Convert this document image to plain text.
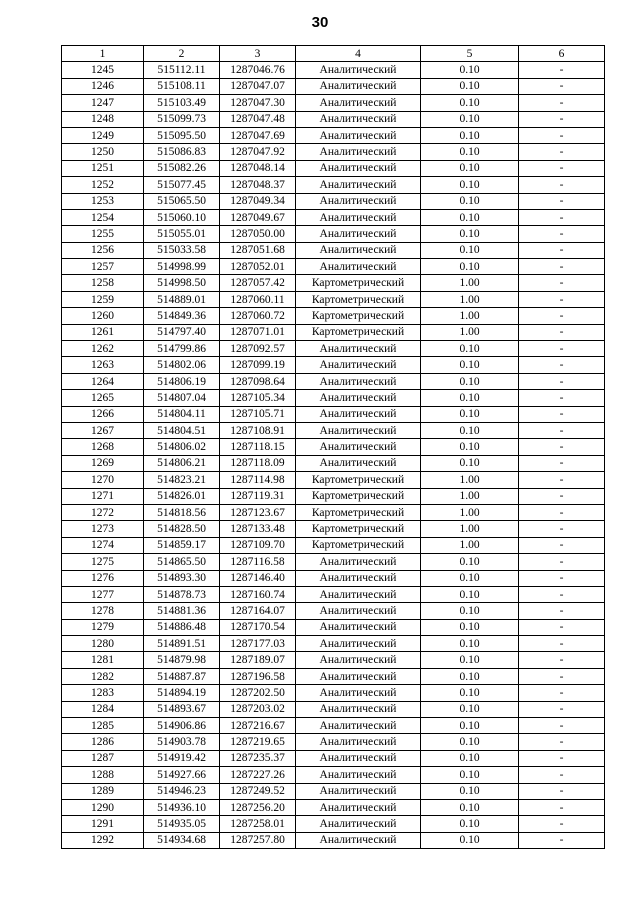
30
1	2	3	4	5	6
1245	515112.11	1287046.76	Аналитический	0.10	-
1246	515108.11	1287047.07	Аналитический	0.10	-
1247	515103.49	1287047.30	Аналитический	0.10	-
1248	515099.73	1287047.48	Аналитический	0.10	-
1249	515095.50	1287047.69	Аналитический	0.10	-
1250	515086.83	1287047.92	Аналитический	0.10	-
1251	515082.26	1287048.14	Аналитический	0.10	-
1252	515077.45	1287048.37	Аналитический	0.10	-
1253	515065.50	1287049.34	Аналитический	0.10	-
1254	515060.10	1287049.67	Аналитический	0.10	-
1255	515055.01	1287050.00	Аналитический	0.10	-
1256	515033.58	1287051.68	Аналитический	0.10	-
1257	514998.99	1287052.01	Аналитический	0.10	-
1258	514998.50	1287057.42	Картометрический	1.00	-
1259	514889.01	1287060.11	Картометрический	1.00	-
1260	514849.36	1287060.72	Картометрический	1.00	-
1261	514797.40	1287071.01	Картометрический	1.00	-
1262	514799.86	1287092.57	Аналитический	0.10	-
1263	514802.06	1287099.19	Аналитический	0.10	-
1264	514806.19	1287098.64	Аналитический	0.10	-
1265	514807.04	1287105.34	Аналитический	0.10	-
1266	514804.11	1287105.71	Аналитический	0.10	-
1267	514804.51	1287108.91	Аналитический	0.10	-
1268	514806.02	1287118.15	Аналитический	0.10	-
1269	514806.21	1287118.09	Аналитический	0.10	-
1270	514823.21	1287114.98	Картометрический	1.00	-
1271	514826.01	1287119.31	Картометрический	1.00	-
1272	514818.56	1287123.67	Картометрический	1.00	-
1273	514828.50	1287133.48	Картометрический	1.00	-
1274	514859.17	1287109.70	Картометрический	1.00	-
1275	514865.50	1287116.58	Аналитический	0.10	-
1276	514893.30	1287146.40	Аналитический	0.10	-
1277	514878.73	1287160.74	Аналитический	0.10	-
1278	514881.36	1287164.07	Аналитический	0.10	-
1279	514886.48	1287170.54	Аналитический	0.10	-
1280	514891.51	1287177.03	Аналитический	0.10	-
1281	514879.98	1287189.07	Аналитический	0.10	-
1282	514887.87	1287196.58	Аналитический	0.10	-
1283	514894.19	1287202.50	Аналитический	0.10	-
1284	514893.67	1287203.02	Аналитический	0.10	-
1285	514906.86	1287216.67	Аналитический	0.10	-
1286	514903.78	1287219.65	Аналитический	0.10	-
1287	514919.42	1287235.37	Аналитический	0.10	-
1288	514927.66	1287227.26	Аналитический	0.10	-
1289	514946.23	1287249.52	Аналитический	0.10	-
1290	514936.10	1287256.20	Аналитический	0.10	-
1291	514935.05	1287258.01	Аналитический	0.10	-
1292	514934.68	1287257.80	Аналитический	0.10	-
